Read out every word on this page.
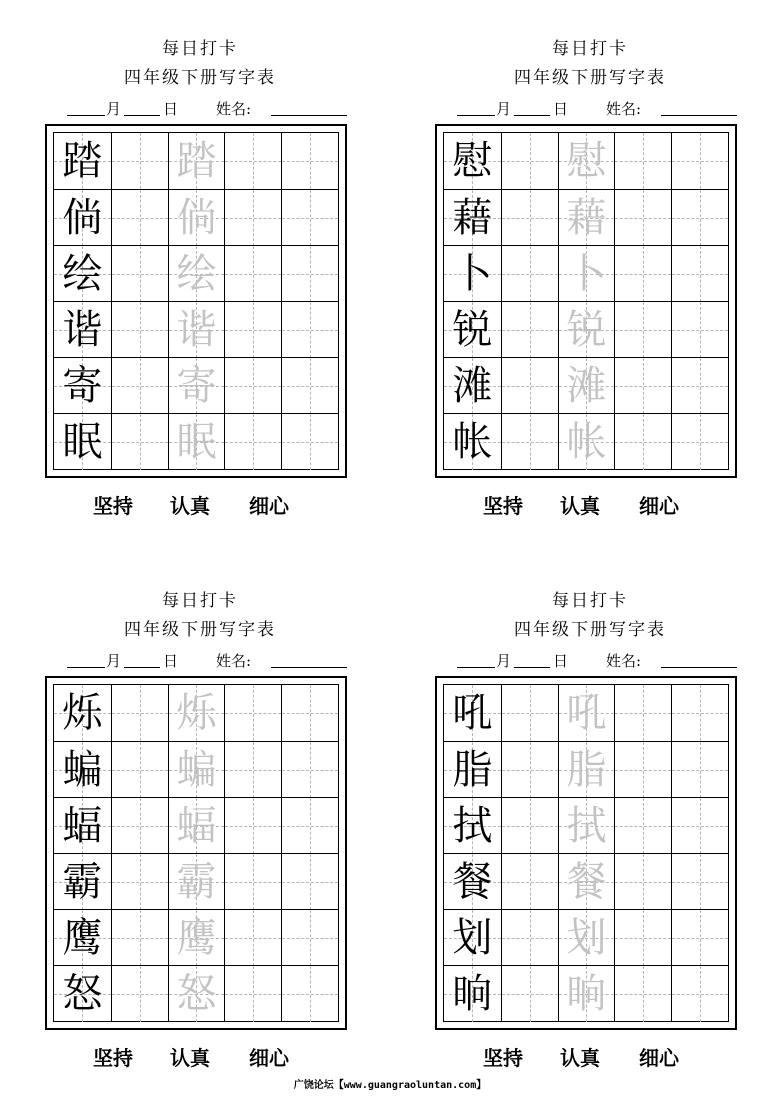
每日打卡
四年级下册写字表
月	日	姓名:
踏 踏
倘 倘
绘 绘
谐 谐
寄 寄
眠 眠
坚持 认真 细心
每日打卡
四年级下册写字表
月	日	姓名:
慰 慰
藉 藉
卜 卜
锐 锐
滩 滩
帐 帐
坚持 认真 细心
每日打卡
四年级下册写字表
月	日	姓名:
烁 烁
蝙 蝙
蝠 蝠
霸 霸
鹰 鹰
怒 怒
坚持 认真 细心
每日打卡
四年级下册写字表
月	日	姓名:
吼 吼
脂 脂
拭 拭
餐 餐
划 划
晌 晌
坚持 认真 细心
广饶论坛【www.guangraoluntan.com】
